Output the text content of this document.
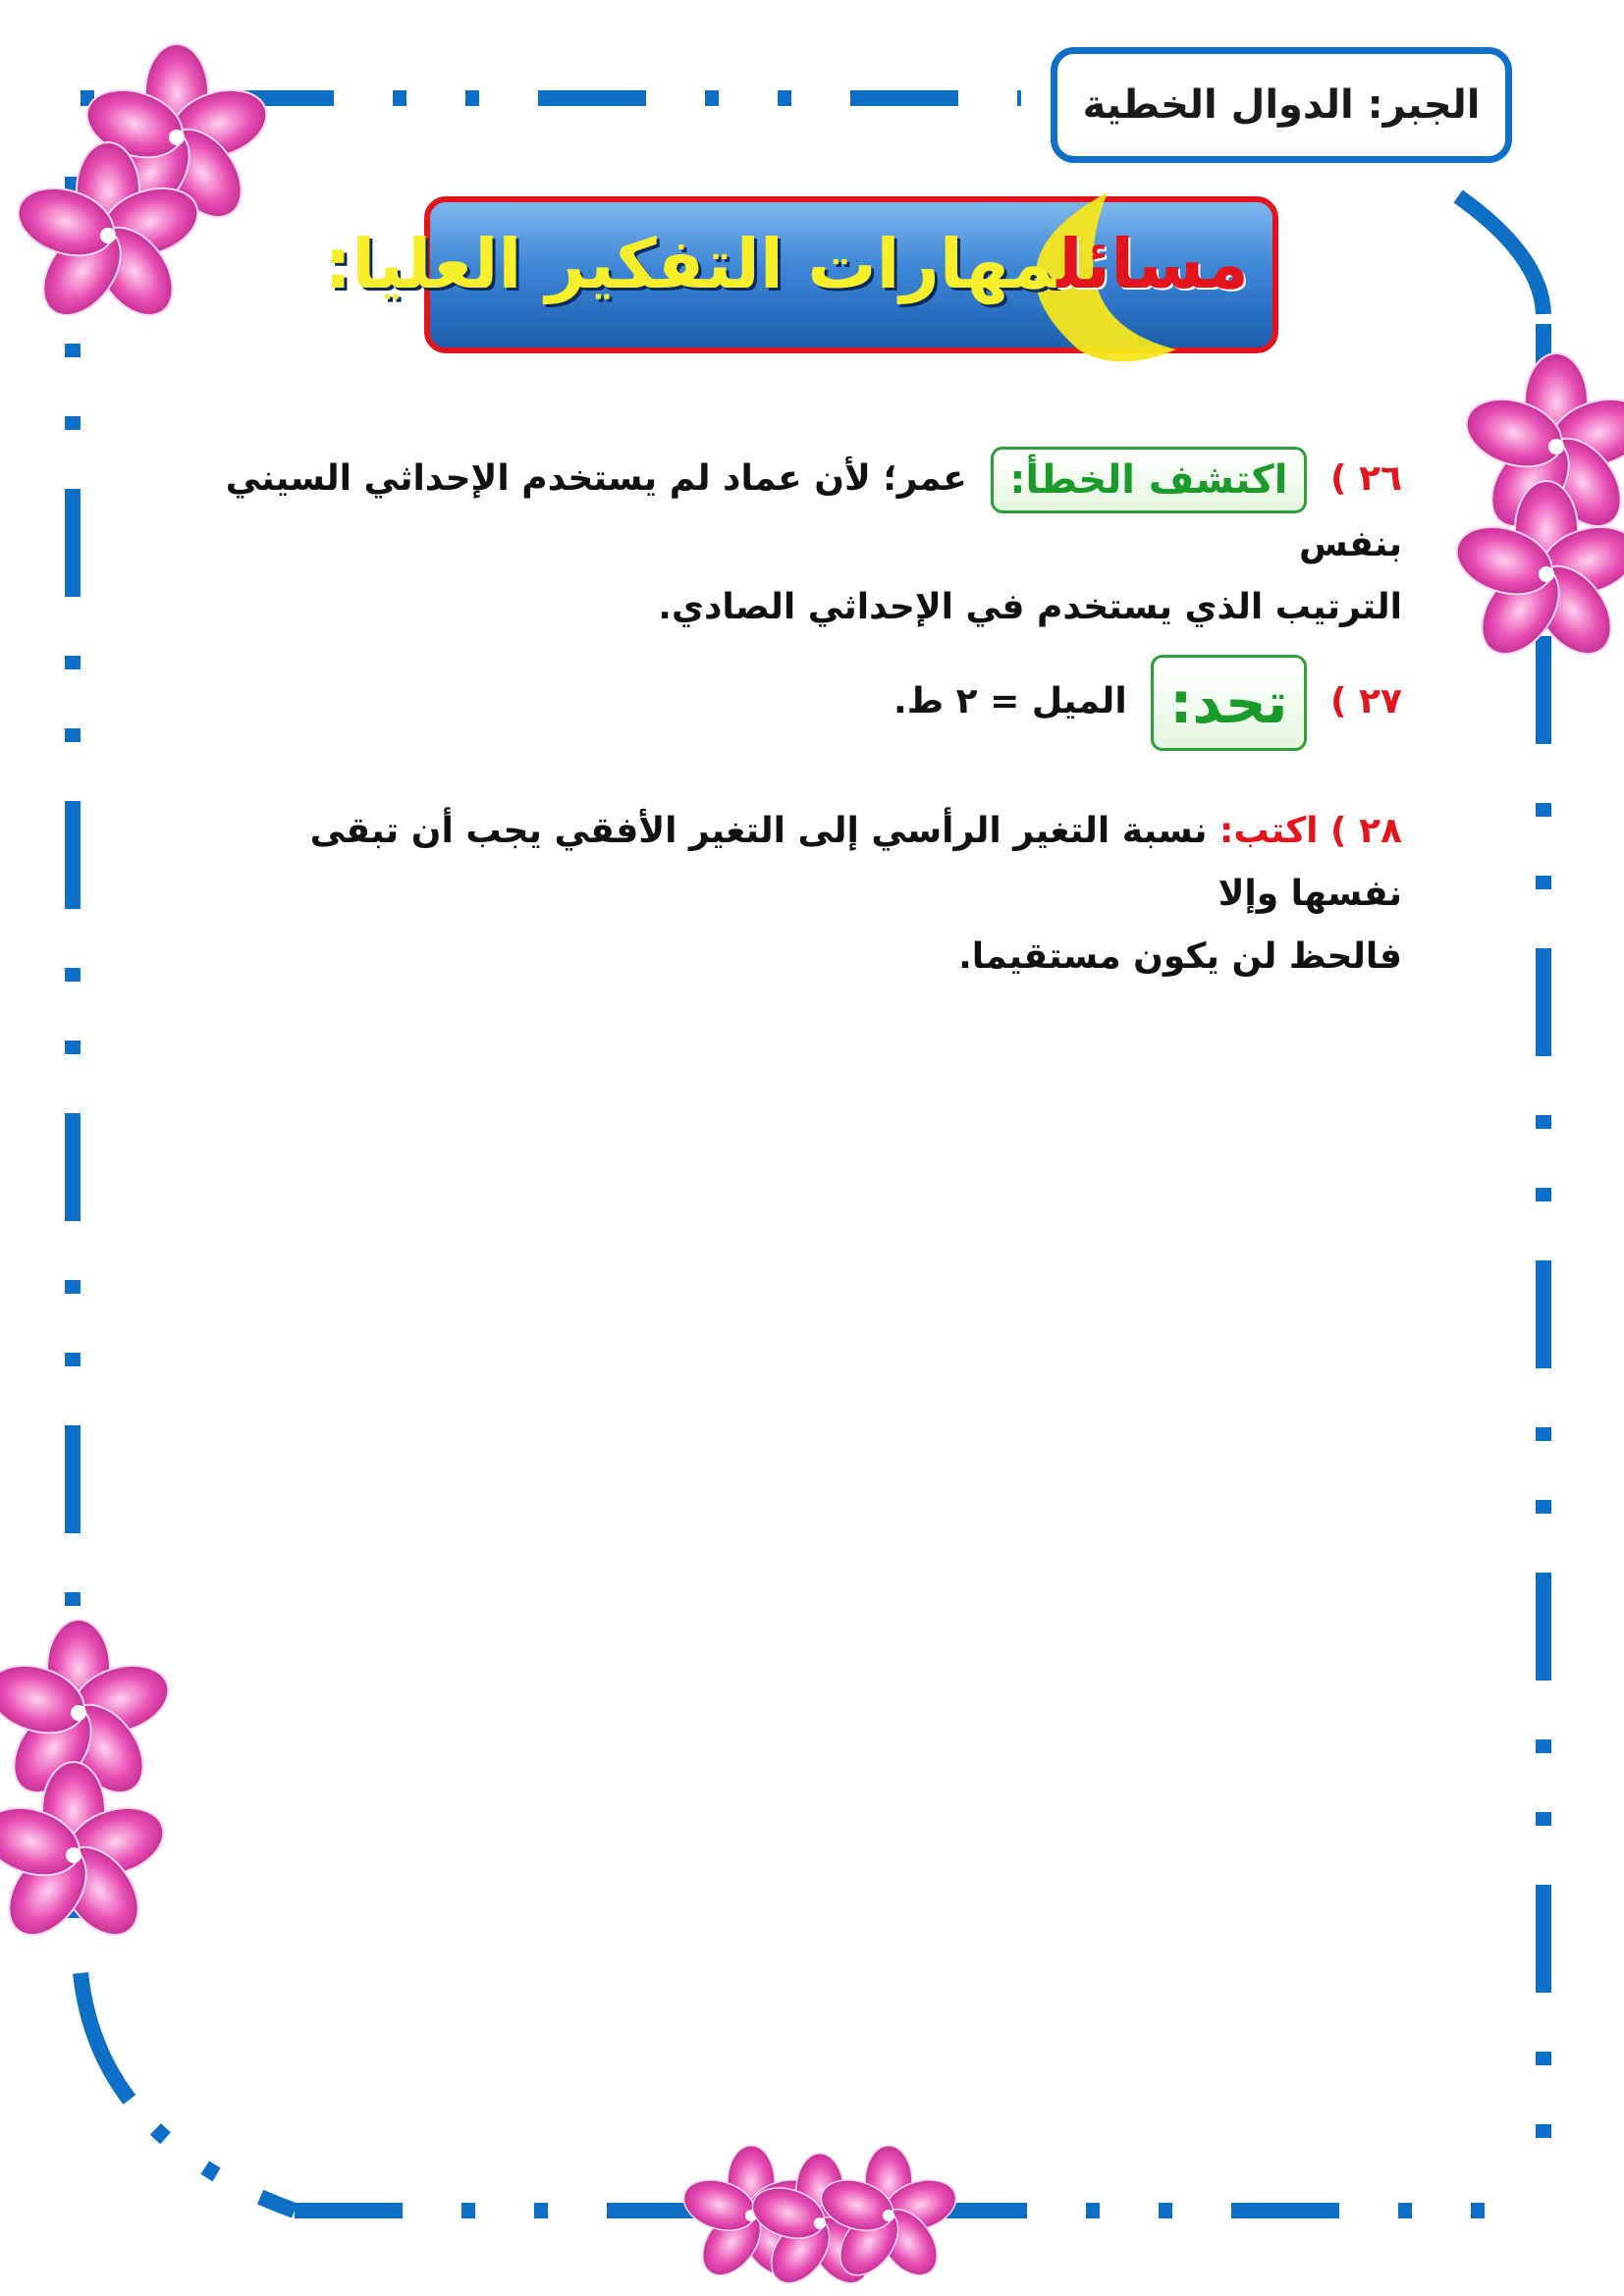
الجبر: الدوال الخطية
مسائلمهارات التفكير العليا:
٢٦ ) اكتشف الخطأ: عمر؛ لأن عماد لم يستخدم الإحداثي السيني بنفس
الترتيب الذي يستخدم في الإحداثي الصادي.
٢٧ ) تحد: الميل = ٢ ط.
٢٨ ) اكتب: نسبة التغير الرأسي إلى التغير الأفقي يجب أن تبقى نفسها وإلا
فالحظ لن يكون مستقيما.
